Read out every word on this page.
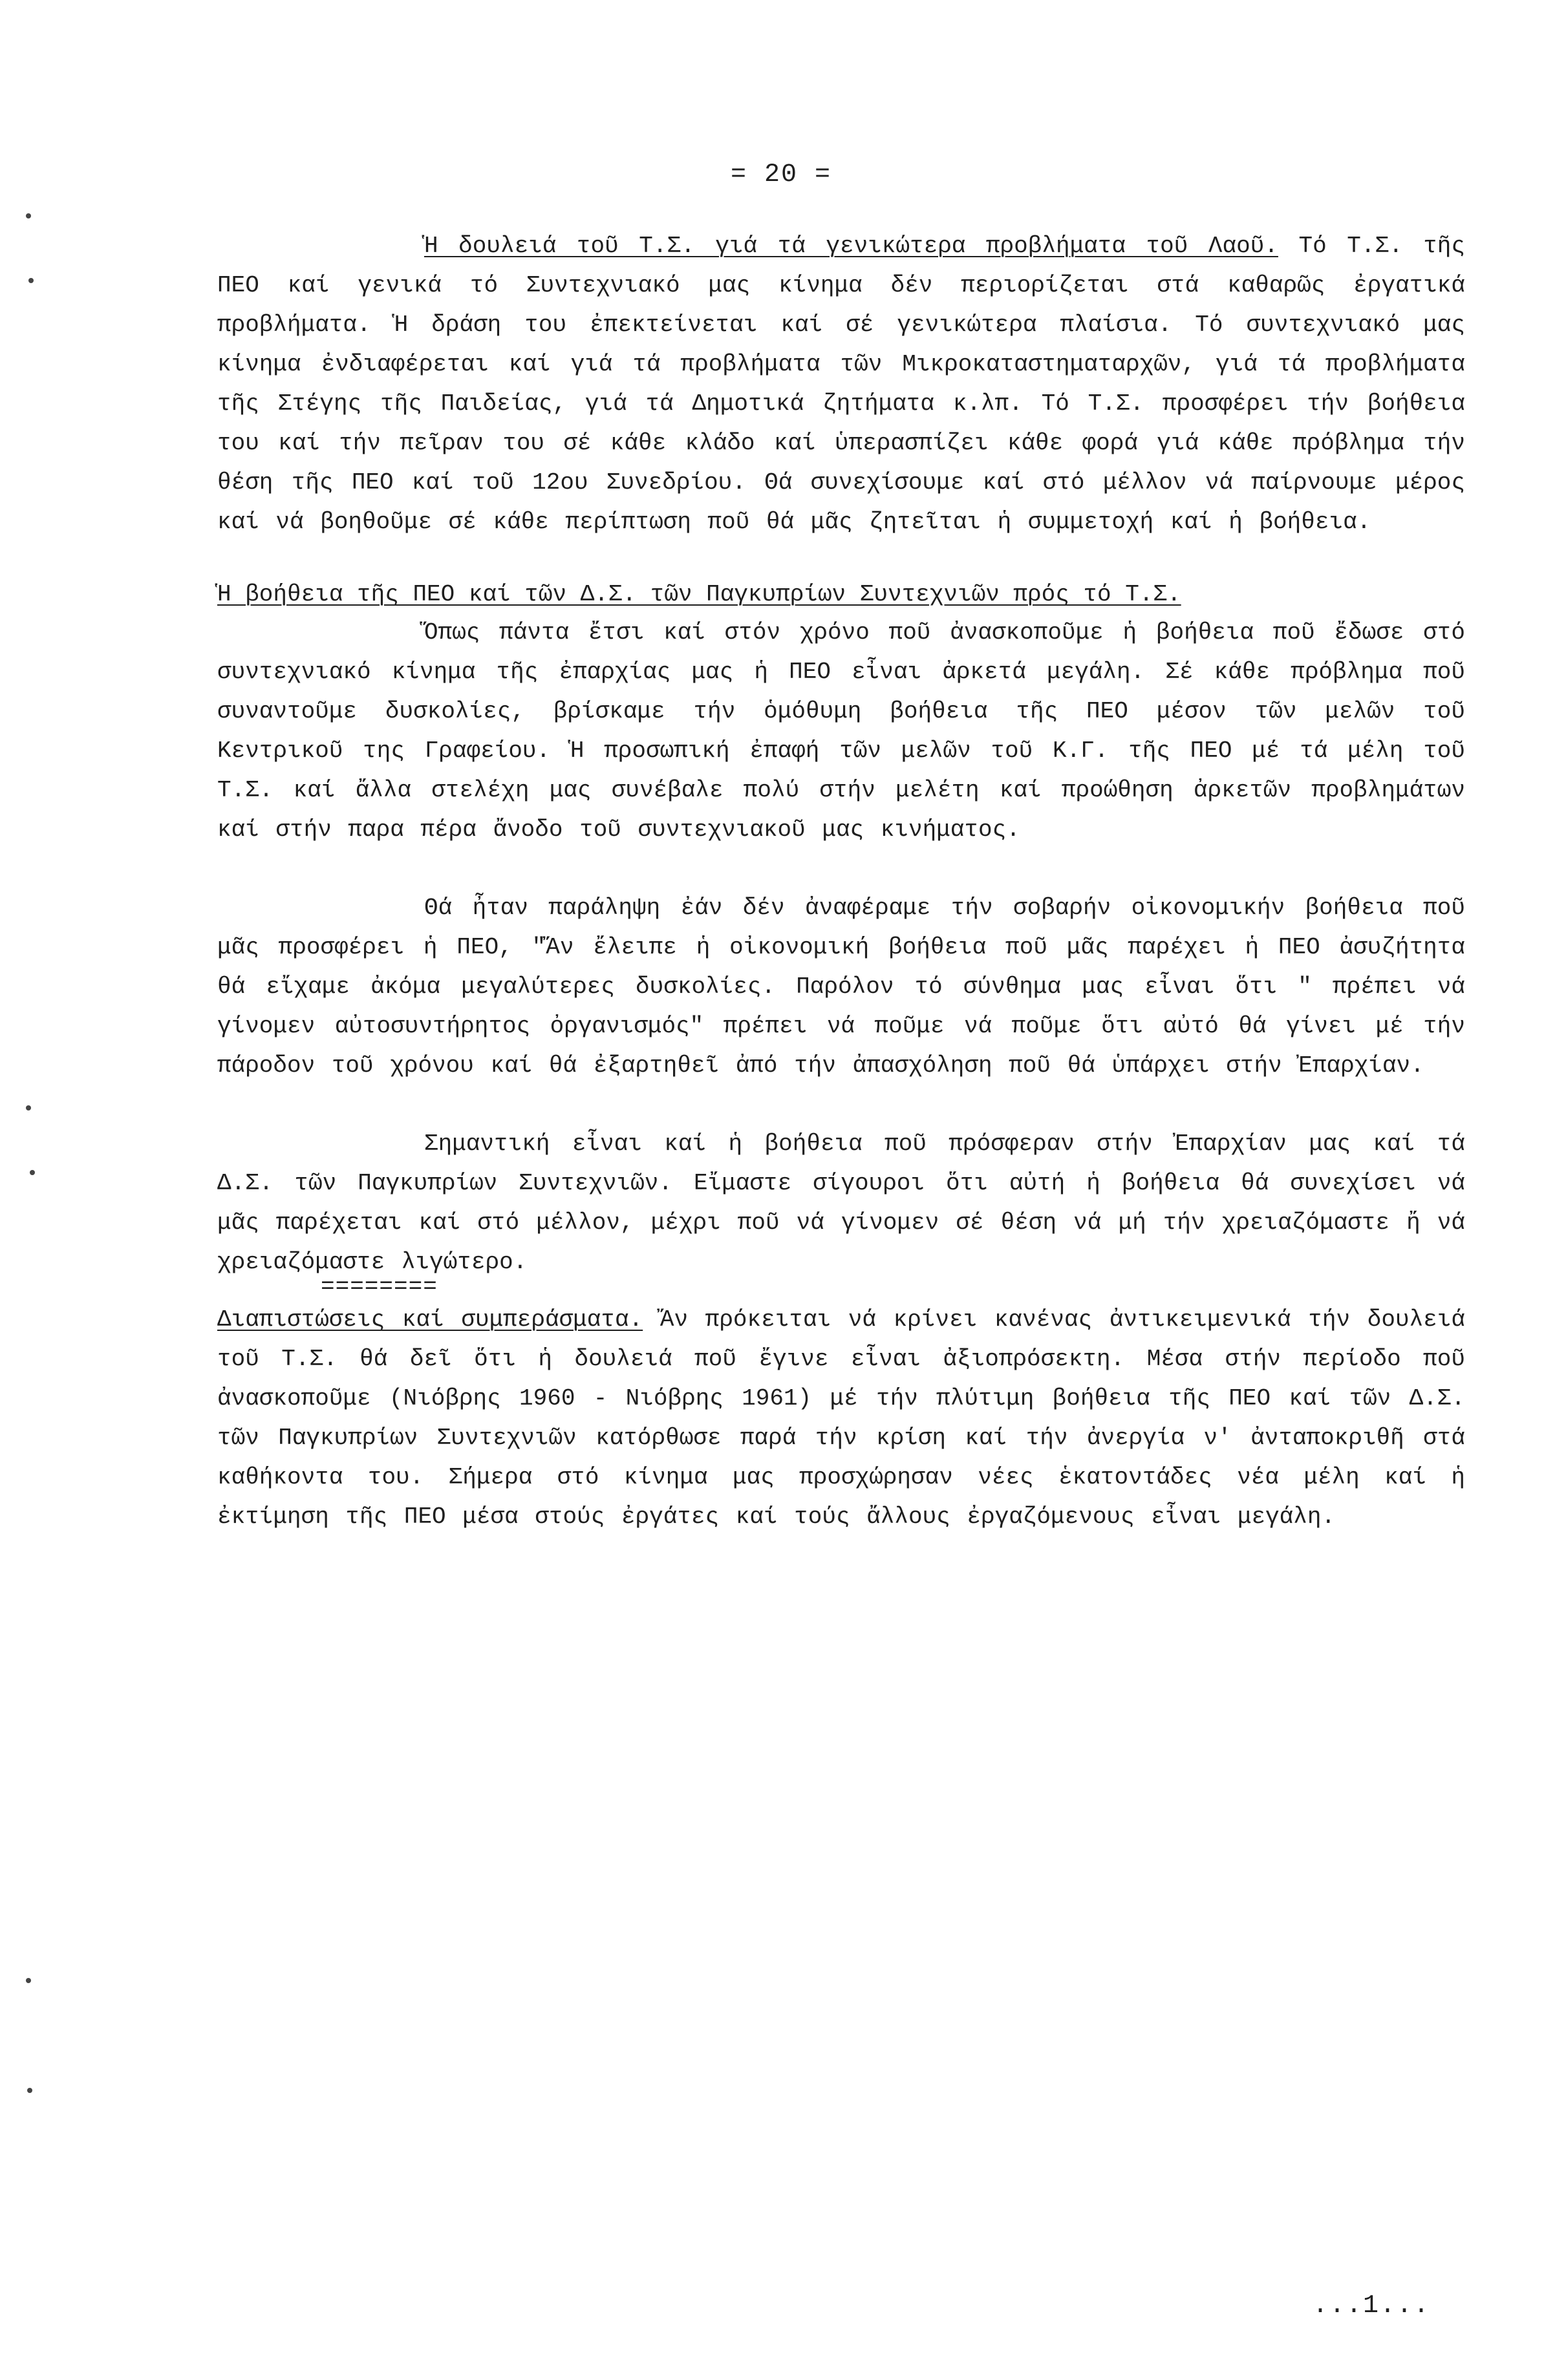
= 20 =

Ἡ δουλειά τοῦ Τ.Σ. γιά τά γενικώτερα προβλήματα τοῦ Λαοῦ. Τό Τ.Σ. τῆς ΠΕΟ καί γενικά τό Συντεχνιακό μας κίνημα δέν περιορίζεται στά καθαρῶς ἐργατικά προβλήματα. Ἡ δράση του ἐπεκτείνεται καί σέ γενικώτερα πλαίσια. Τό συντεχνιακό μας κίνημα ἐνδιαφέρεται καί γιά τά προβλήματα τῶν Μικροκαταστηματαρχῶν, γιά τά προβλήματα τῆς Στέγης τῆς Παιδείας, γιά τά Δημοτικά ζητήματα κ.λπ. Τό Τ.Σ. προσφέρει τήν βοήθεια του καί τήν πεῖραν του σέ κάθε κλάδο καί ὑπερασπίζει κάθε φορά γιά κάθε πρόβλημα τήν θέση τῆς ΠΕΟ καί τοῦ 12ου Συνεδρίου. Θά συνεχίσουμε καί στό μέλλον νά παίρνουμε μέρος καί νά βοηθοῦμε σέ κάθε περίπτωση ποῦ θά μᾶς ζητεῖται ἡ συμμετοχή καί ἡ βοήθεια.

Ἡ βοήθεια τῆς ΠΕΟ καί τῶν Δ.Σ. τῶν Παγκυπρίων Συντεχνιῶν πρός τό Τ.Σ.

Ὅπως πάντα ἔτσι καί στόν χρόνο ποῦ ἀνασκοποῦμε ἡ βοήθεια ποῦ ἔδωσε στό συντεχνιακό κίνημα τῆς ἐπαρχίας μας ἡ ΠΕΟ εἶναι ἀρκετά μεγάλη. Σέ κάθε πρόβλημα ποῦ συναντοῦμε δυσκολίες, βρίσκαμε τήν ὁμόθυμη βοήθεια τῆς ΠΕΟ μέσον τῶν μελῶν τοῦ Κεντρικοῦ της Γραφείου. Ἡ προσωπική ἐπαφή τῶν μελῶν τοῦ Κ.Γ. τῆς ΠΕΟ μέ τά μέλη τοῦ Τ.Σ. καί ἄλλα στελέχη μας συνέβαλε πολύ στήν μελέτη καί προώθηση ἀρκετῶν προβλημάτων καί στήν παρα πέρα ἄνοδο τοῦ συντεχνιακοῦ μας κινήματος.

Θά ἦταν παράληψη ἐάν δέν ἀναφέραμε τήν σοβαρήν οἰκονομικήν βοήθεια ποῦ μᾶς προσφέρει ἡ ΠΕΟ, "Ἄν ἔλειπε ἡ οἰκονομική βοήθεια ποῦ μᾶς παρέχει ἡ ΠΕΟ ἀσυζήτητα θά εἴχαμε ἀκόμα μεγαλύτερες δυσκολίες. Παρόλον τό σύνθημα μας εἶναι ὅτι " πρέπει νά γίνομεν αὐτοσυντήρητος ὀργανισμός" πρέπει νά ποῦμε νά ποῦμε ὅτι αὐτό θά γίνει μέ τήν πάροδον τοῦ χρόνου καί θά ἐξαρτηθεῖ ἀπό τήν ἀπασχόληση ποῦ θά ὑπάρχει στήν Ἐπαρχίαν.

Σημαντική εἶναι καί ἡ βοήθεια ποῦ πρόσφεραν στήν Ἐπαρχίαν μας καί τά Δ.Σ. τῶν Παγκυπρίων Συντεχνιῶν. Εἴμαστε σίγουροι ὅτι αὐτή ἡ βοήθεια θά συνεχίσει νά μᾶς παρέχεται καί στό μέλλον, μέχρι ποῦ νά γίνομεν σέ θέση νά μή τήν χρειαζόμαστε ἤ νά χρειαζόμαστε λιγώτερο.

========

Διαπιστώσεις καί συμπεράσματα. Ἄν πρόκειται νά κρίνει κανένας ἀντικειμενικά τήν δουλειά τοῦ Τ.Σ. θά δεῖ ὅτι ἡ δουλειά ποῦ ἔγινε εἶναι ἀξιοπρόσεκτη. Μέσα στήν περίοδο ποῦ ἀνασκοποῦμε (Νιόβρης 1960 - Νιόβρης 1961) μέ τήν πλύτιμη βοήθεια τῆς ΠΕΟ καί τῶν Δ.Σ. τῶν Παγκυπρίων Συντεχνιῶν κατόρθωσε παρά τήν κρίση καί τήν ἀνεργία ν' ἀνταποκριθῆ στά καθήκοντα του. Σήμερα στό κίνημα μας προσχώρησαν νέες ἑκατοντάδες νέα μέλη καί ἡ ἐκτίμηση τῆς ΠΕΟ μέσα στούς ἐργάτες καί τούς ἄλλους ἐργαζόμενους εἶναι μεγάλη.

...1...
